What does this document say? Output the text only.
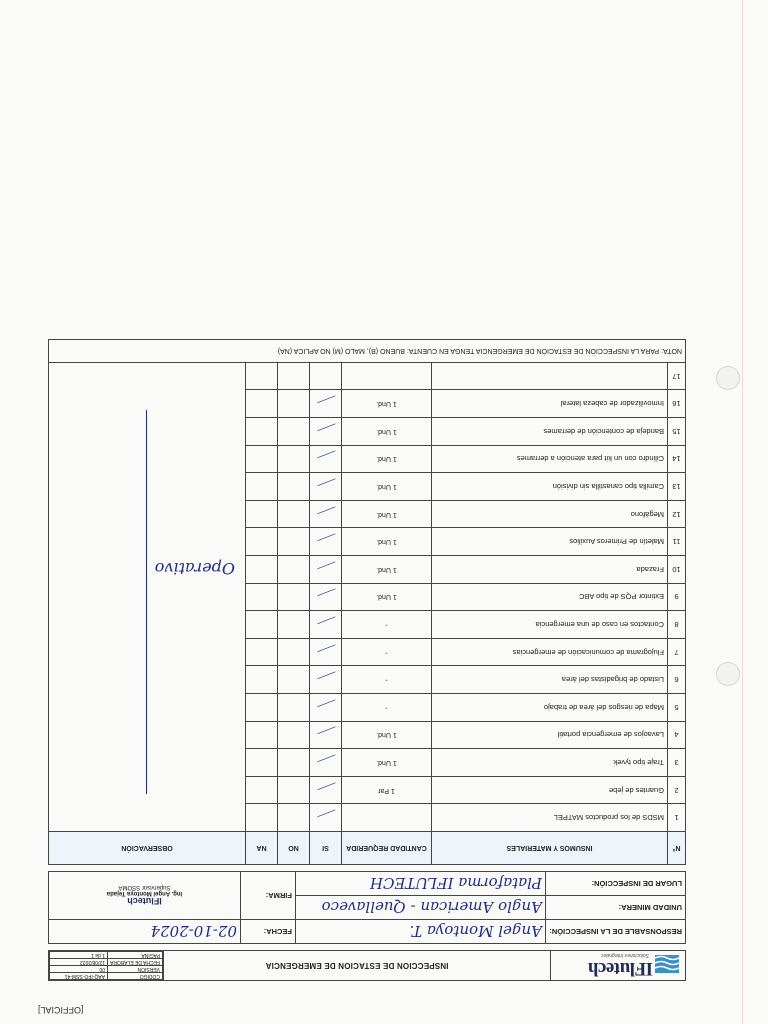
IFlutech
Soluciones Integrales
	INSPECCION DE ESTACION DE EMERGENCIA	
CODIGO	AAQ-IFO-SSM-41
VERSION	00
FECHA DE ELABORA	12/08/2022
PAGINA	1 de 1
RESPONSABLE DE LA INSPECCIÓN:	Angel Montoya T.	FECHA:	02-10-2024
UNIDAD MINERA:	Anglo American - Quellaveco	FIRMA:	IFlutech
Ing. Angel Montoya Tejada
Supervisor SSOMA

LUGAR DE INSPECCIÓN:	Plataforma IFLUTECH		
N°	INSUMOS Y MATERIALES	CANTIDAD REQUERIDA	SI	NO	NA	OBSERVACIÓN
1	MSDS de los productos MATPEL					Operativo

2	Guantes de jebe	1 Par				
3	Traje tipo tyvek	1 Und.				
4	Lavaojos de emergencia portatil	1 Und.				
5	Mapa de riesgos del área de trabajo	-				
6	Listado de brigadistas del área	-				
7	Flujograma de comunicación de emergencias	-				
8	Contactos en caso de una emergencia	-				
9	Extintor PQS de tipo ABC	1 Und.				
10	Frazada	1 Und.				
11	Maletín de Primeros Auxilios	1 Und.				
12	Megáfono	1 Und.				
13	Camilla tipo canastilla sin división	1 Und.				
14	Cilindro con un kit para atención a derrames	1 Und.				
15	Bandeja de contención de derrames	1 Und.				
16	Inmovilizador de cabeza lateral	1 Und.				
17						
NOTA: PARA LA INSPECCIÓN DE ESTACIÓN DE EMERGENCIA TENGA EN CUENTA: BUENO (B), MALO (M) NO APLICA (NA)						
[OFFICIAL]
